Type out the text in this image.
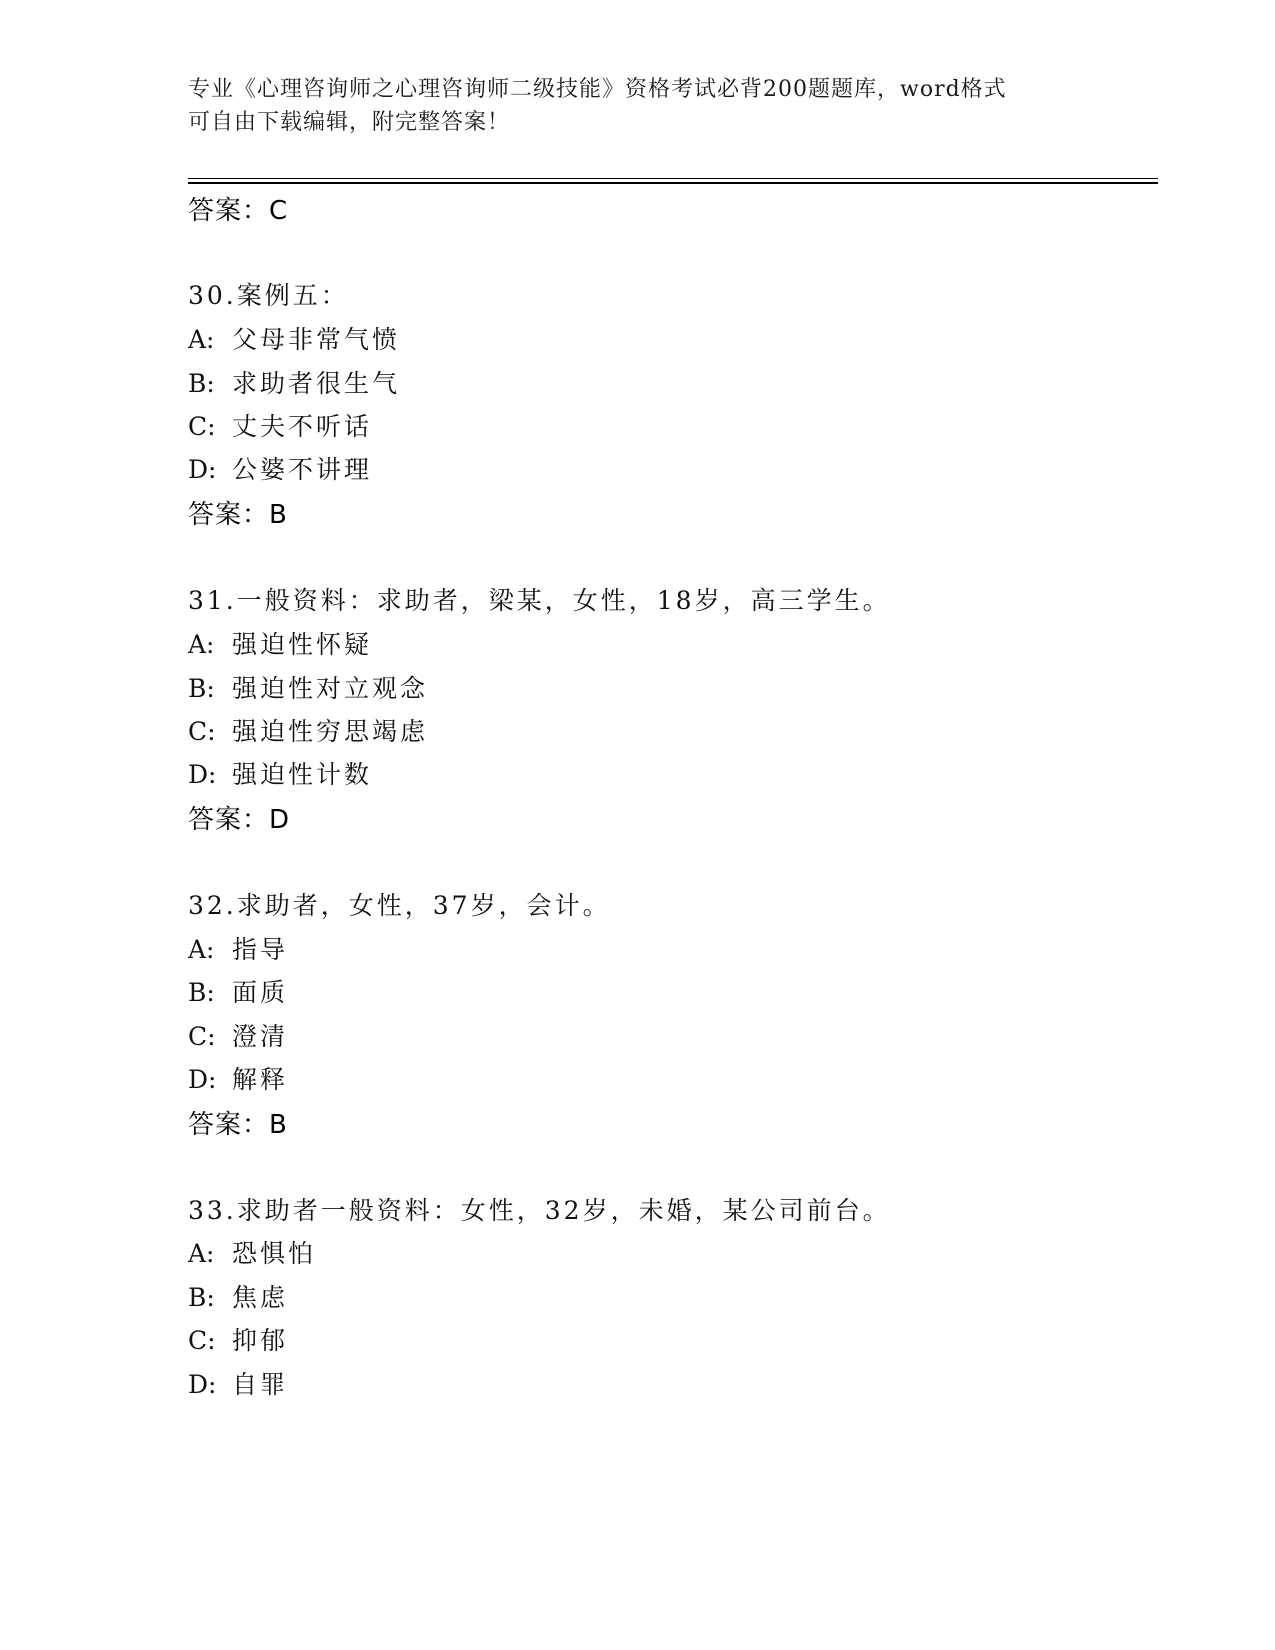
专业《心理咨询师之心理咨询师二级技能》资格考试必背200题题库，word格式
可自由下载编辑，附完整答案！
答案：C
30.案例五：
A: 父母非常气愤
B: 求助者很生气
C: 丈夫不听话
D: 公婆不讲理
答案：B
31.一般资料：求助者，梁某，女性，18岁，高三学生。
A: 强迫性怀疑
B: 强迫性对立观念
C: 强迫性穷思竭虑
D: 强迫性计数
答案：D
32.求助者，女性，37岁，会计。
A: 指导
B: 面质
C: 澄清
D: 解释
答案：B
33.求助者一般资料：女性，32岁，未婚，某公司前台。
A: 恐惧怕
B: 焦虑
C: 抑郁
D: 自罪
